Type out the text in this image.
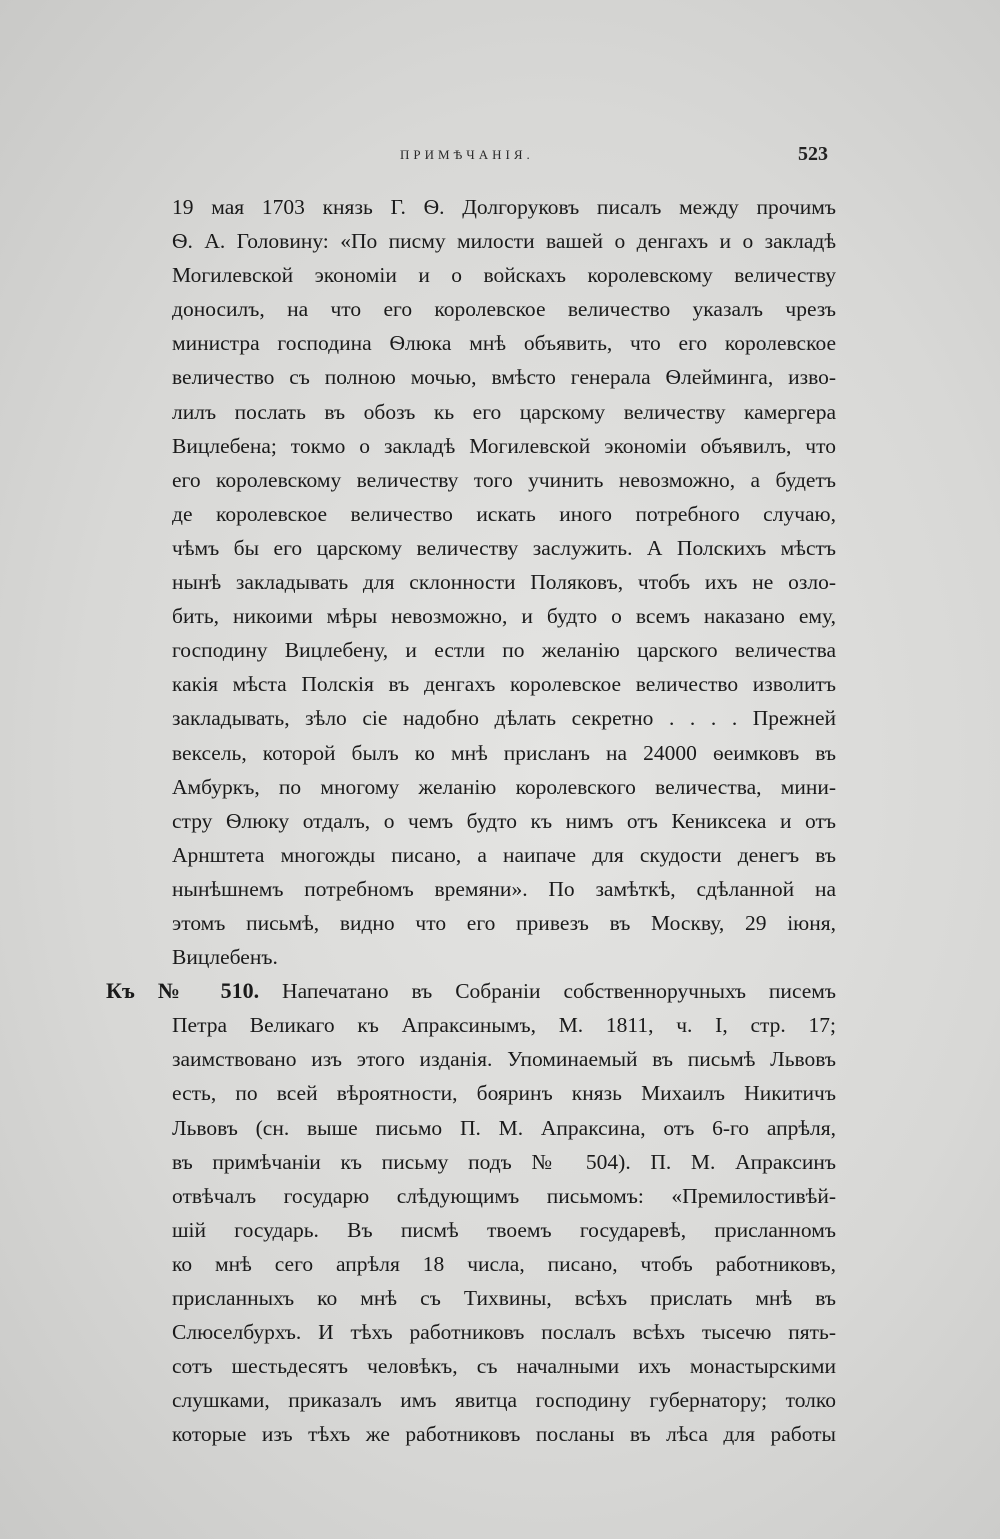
ПРИМѢЧАНІЯ.	523
19 мая 1703 князь Г. Ѳ. Долгоруковъ писалъ между прочимъ
Ѳ. А. Головину: «По писму милости вашей о денгахъ и о закладѣ
Могилевской экономіи и о войскахъ королевскому величеству
доносилъ, на что его королевское величество указалъ чрезъ
министра господина Ѳлюка мнѣ объявить, что его королевское
величество съ полною мочью, вмѣсто генерала Ѳлейминга, изво-
лилъ послать въ обозъ кь его царскому величеству камергера
Вицлебена; токмо о закладѣ Могилевской экономіи объявилъ, что
его королевскому величеству того учинить невозможно, а будетъ
де королевское величество искать иного потребного случаю,
чѣмъ бы его царскому величеству заслужить. А Полскихъ мѣстъ
нынѣ закладывать для склонности Поляковъ, чтобъ ихъ не озло-
бить, никоими мѣры невозможно, и будто о всемъ наказано ему,
господину Вицлебену, и естли по желанію царского величества
какія мѣста Полскія въ денгахъ королевское величество изволитъ
закладывать, зѣло сіе надобно дѣлать секретно . . . . Прежней
вексель, которой былъ ко мнѣ присланъ на 24000 ѳеимковъ въ
Амбуркъ, по многому желанію королевского величества, мини-
стру Ѳлюку отдалъ, о чемъ будто къ нимъ отъ Кениксека и отъ
Арнштета многожды писано, а наипаче для скудости денегъ въ
нынѣшнемъ потребномъ времяни». По замѣткѣ, сдѣланной на
этомъ письмѣ, видно что его привезъ въ Москву, 29 іюня,
Вицлебенъ.
Къ № 510. Напечатано въ Собраніи собственноручныхъ писемъ
Петра Великаго къ Апраксинымъ, М. 1811, ч. I, стр. 17;
заимствовано изъ этого изданія. Упоминаемый въ письмѣ Львовъ
есть, по всей вѣроятности, бояринъ князь Михаилъ Никитичъ
Львовъ (сн. выше письмо П. М. Апраксина, отъ 6-го апрѣля,
въ примѣчаніи къ письму подъ № 504). П. М. Апраксинъ
отвѣчалъ государю слѣдующимъ письмомъ: «Премилостивѣй-
шій государь. Въ писмѣ твоемъ государевѣ, присланномъ
ко мнѣ сего апрѣля 18 числа, писано, чтобъ работниковъ,
присланныхъ ко мнѣ съ Тихвины, всѣхъ прислать мнѣ въ
Слюселбурхъ. И тѣхъ работниковъ послалъ всѣхъ тысечю пять-
сотъ шестьдесятъ человѣкъ, съ началными ихъ монастырскими
слушками, приказалъ имъ явитца господину губернатору; толко
которые изъ тѣхъ же работниковъ посланы въ лѣса для работы
